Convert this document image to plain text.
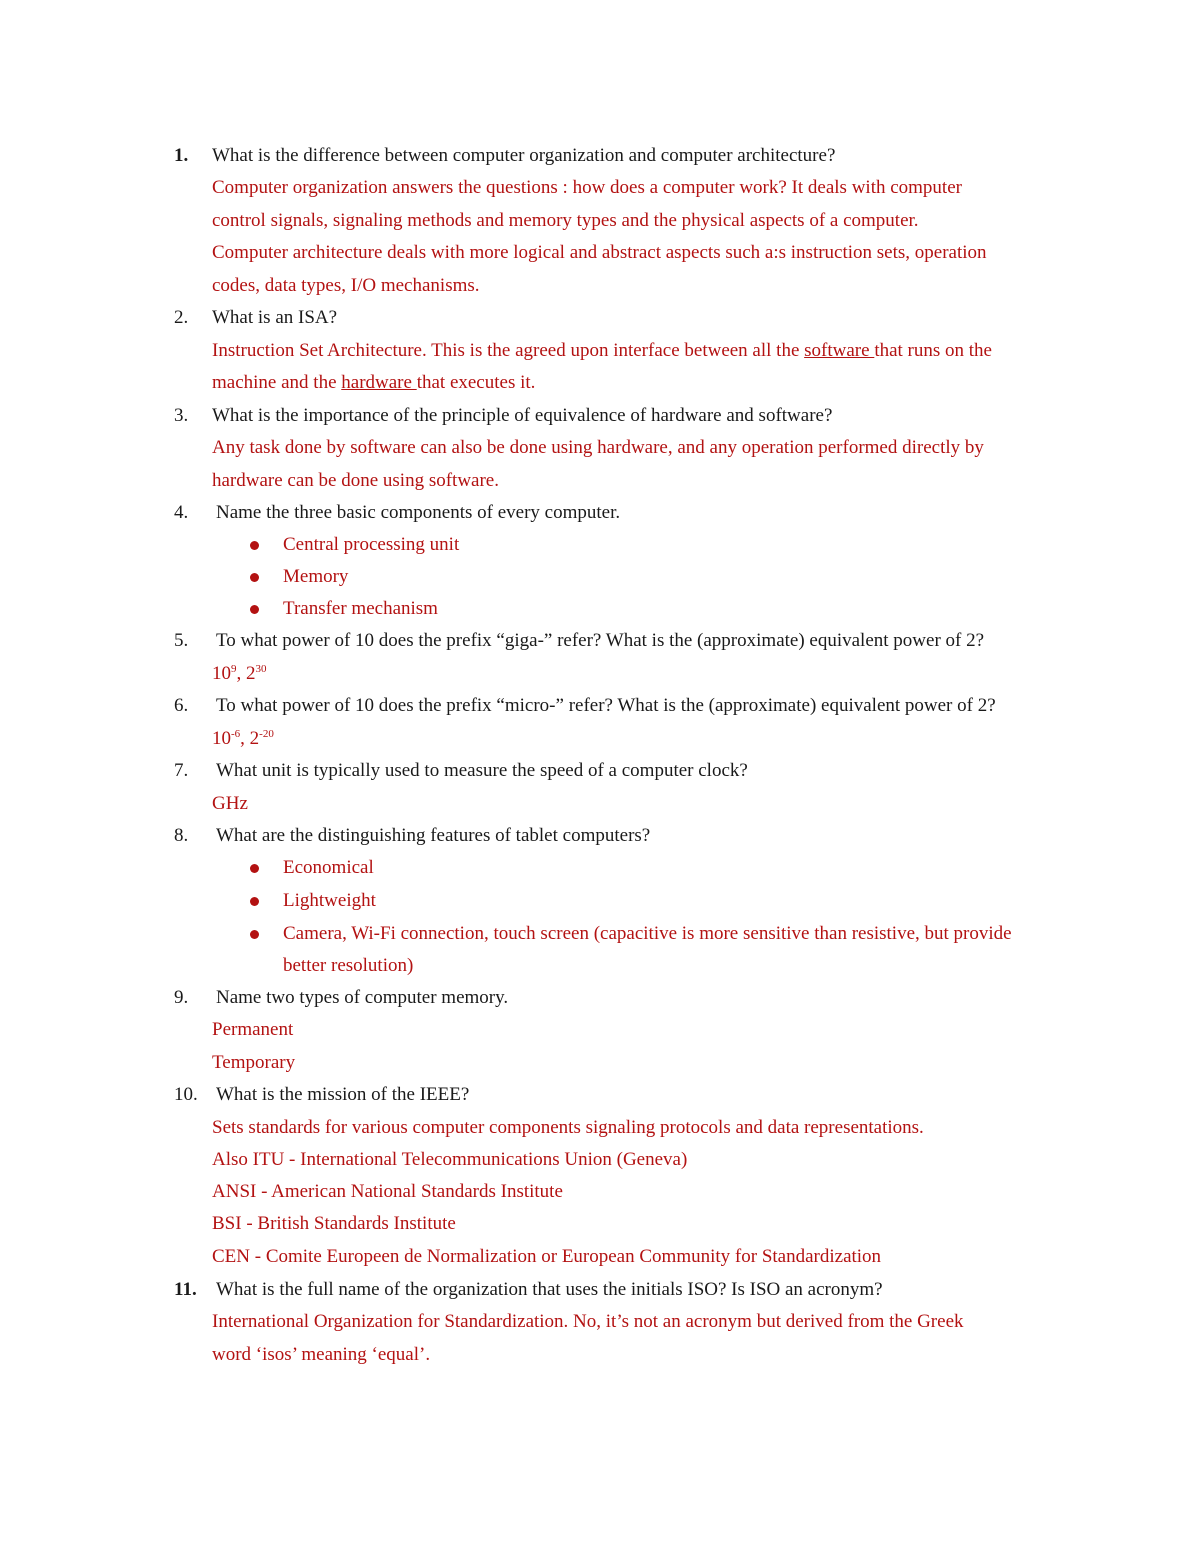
1. What is the difference between computer organization and computer architecture?
Computer organization answers the questions : how does a computer work? It deals with computer
control signals, signaling methods and memory types and the physical aspects of a computer.
Computer architecture deals with more logical and abstract aspects such a:s instruction sets, operation
codes, data types, I/O mechanisms.
2. What is an ISA?
Instruction Set Architecture. This is the agreed upon interface between all the software that runs on the
machine and the hardware that executes it.
3. What is the importance of the principle of equivalence of hardware and software?
Any task done by software can also be done using hardware, and any operation performed directly by
hardware can be done using software.
4. Name the three basic components of every computer.
Central processing unit
Memory
Transfer mechanism
5. To what power of 10 does the prefix “giga-” refer? What is the (approximate) equivalent power of 2?
$10^9$, $2^{30}$
6. To what power of 10 does the prefix “micro-” refer? What is the (approximate) equivalent power of 2?
$10^{-6}$, $2^{-20}$
7. What unit is typically used to measure the speed of a computer clock?
GHz
8. What are the distinguishing features of tablet computers?
Economical
Lightweight
Camera, Wi-Fi connection, touch screen (capacitive is more sensitive than resistive, but provide
better resolution)
9. Name two types of computer memory.
Permanent
Temporary
10. What is the mission of the IEEE?
Sets standards for various computer components signaling protocols and data representations.
Also ITU - International Telecommunications Union (Geneva)
ANSI - American National Standards Institute
BSI - British Standards Institute
CEN - Comite Europeen de Normalization or European Community for Standardization
11. What is the full name of the organization that uses the initials ISO? Is ISO an acronym?
International Organization for Standardization. No, it’s not an acronym but derived from the Greek
word ‘isos’ meaning ‘equal’.
